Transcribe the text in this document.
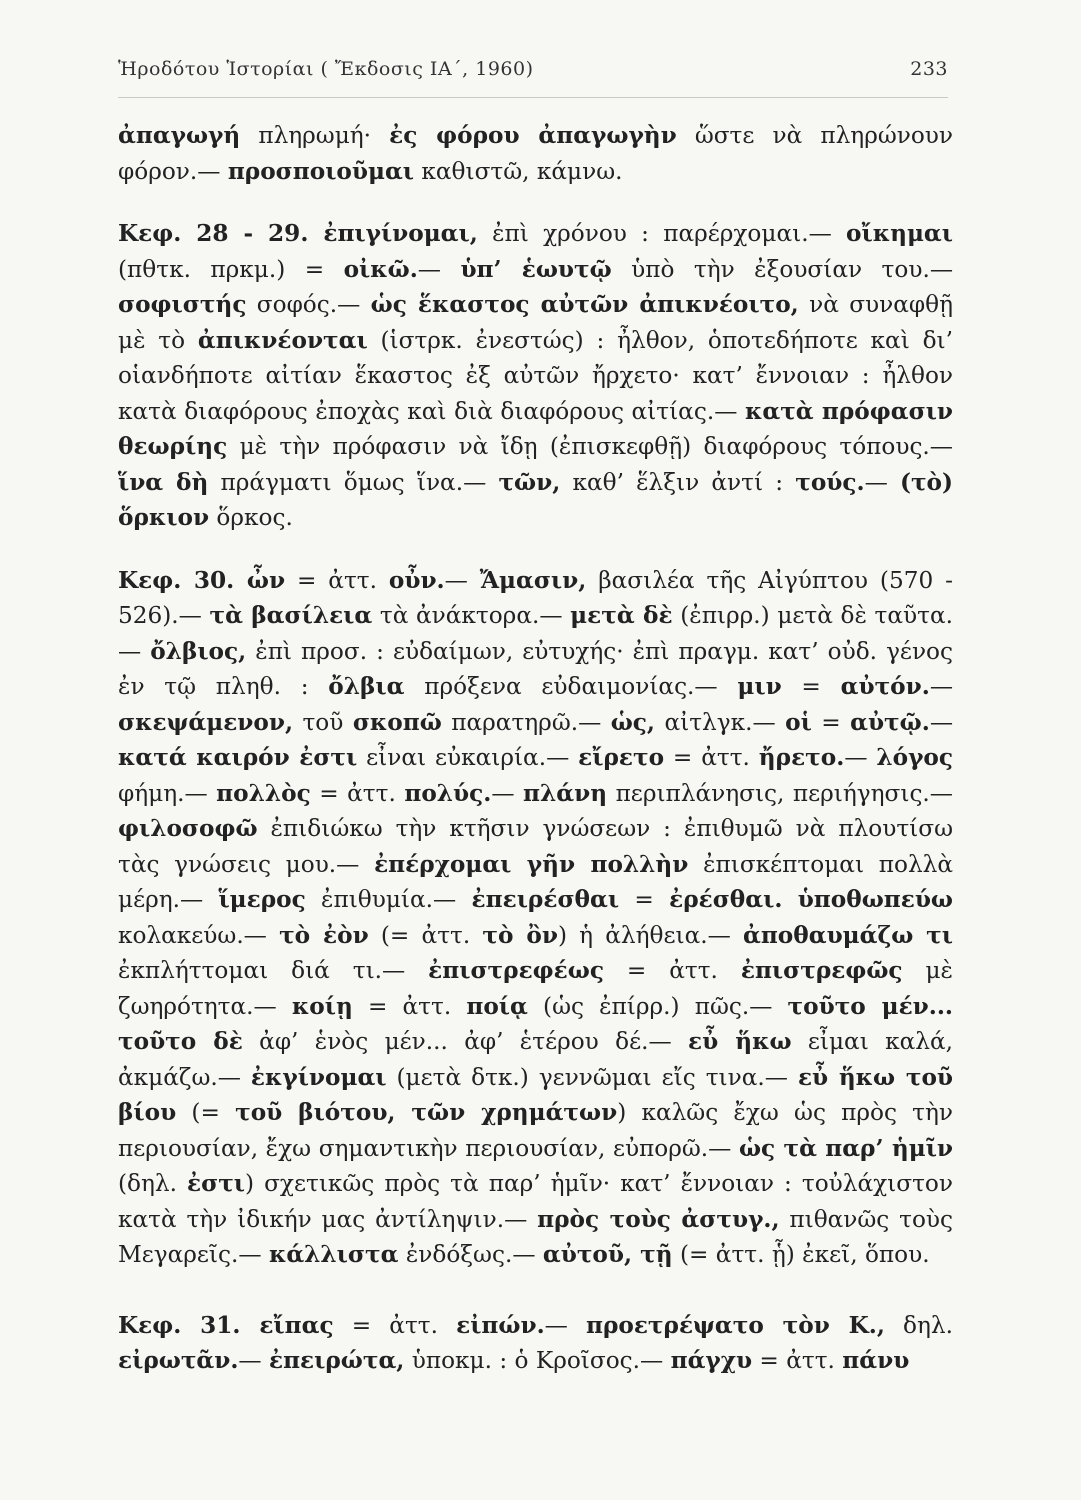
Ἡροδότου Ἱστορίαι ( Ἔκδοσις ΙΑ΄, 1960)	233

ἀπαγωγή πληρωμή· ἐς φόρου ἀπαγωγὴν ὥστε νὰ πληρώνουν φόρον.— προσποιοῦμαι καθιστῶ, κάμνω.

Κεφ. 28 - 29. ἐπιγίνομαι, ἐπὶ χρόνου : παρέρχομαι.— οἴκημαι (πθτκ. πρκμ.) = οἰκῶ.— ὑπ’ ἑωυτῷ ὑπὸ τὴν ἐξουσίαν του.—σοφιστής σοφός.— ὡς ἕκαστος αὐτῶν ἀπικνέοιτο, νὰ συναφθῇ μὲ τὸ ἀπικνέονται (ἱστρκ. ἐνεστώς) : ἦλθον, ὁποτεδήποτε καὶ δι’ οἱανδήποτε αἰτίαν ἕκαστος ἐξ αὐτῶν ἤρχετο· κατ’ ἔννοιαν : ἦλθον κατὰ διαφόρους ἐποχὰς καὶ διὰ διαφόρους αἰτίας.— κατὰ πρόφασιν θεωρίης μὲ τὴν πρόφασιν νὰ ἴδῃ (ἐπισκεφθῇ) διαφόρους τόπους.— ἵνα δὴ πράγματι ὅμως ἵνα.— τῶν, καθ’ ἕλξιν ἀντί : τούς.— (τὸ) ὅρκιον ὅρκος.

Κεφ. 30. ὦν = ἀττ. οὖν.— Ἄμασιν, βασιλέα τῆς Αἰγύπτου (570 - 526).— τὰ βασίλεια τὰ ἀνάκτορα.— μετὰ δὲ (ἐπιρρ.) μετὰ δὲ ταῦτα.— ὄλβιος, ἐπὶ προσ. : εὐδαίμων, εὐτυχής· ἐπὶ πραγμ. κατ’ οὐδ. γένος ἐν τῷ πληθ. : ὄλβια πρόξενα εὐδαιμονίας.— μιν = αὐτόν.— σκεψάμενον, τοῦ σκοπῶ παρατηρῶ.— ὡς, αἰτλγκ.— οἱ = αὐτῷ.— κατά καιρόν ἐστι εἶναι εὐκαιρία.— εἴρετο = ἀττ. ἤρετο.— λόγος φήμη.— πολλὸς = ἀττ. πολύς.— πλάνη περιπλάνησις, περιήγησις.— φιλοσοφῶ ἐπιδιώκω τὴν κτῆσιν γνώσεων : ἐπιθυμῶ νὰ πλουτίσω τὰς γνώσεις μου.— ἐπέρχομαι γῆν πολλὴν ἐπισκέπτομαι πολλὰ μέρη.— ἵμερος ἐπιθυμία.— ἐπειρέσθαι = ἐρέσθαι. ὑποθωπεύω κολακεύω.— τὸ ἐὸν (= ἀττ. τὸ ὂν) ἡ ἀλήθεια.— ἀποθαυμάζω τι ἐκπλήττομαι διά τι.— ἐπιστρεφέως = ἀττ. ἐπιστρεφῶς μὲ ζωηρότητα.— κοίῃ = ἀττ. ποίᾳ (ὡς ἐπίρρ.) πῶς.— τοῦτο μέν... τοῦτο δὲ ἀφ’ ἑνὸς μέν... ἀφ’ ἑτέρου δέ.— εὖ ἥκω εἶμαι καλά, ἀκμάζω.— ἐκγίνομαι (μετὰ δτκ.) γεννῶμαι εἴς τινα.— εὖ ἥκω τοῦ βίου (= τοῦ βιότου, τῶν χρημάτων) καλῶς ἔχω ὡς πρὸς τὴν περιουσίαν, ἔχω σημαντικὴν περιουσίαν, εὐπορῶ.— ὡς τὰ παρ’ ἡμῖν (δηλ. ἐστι) σχετικῶς πρὸς τὰ παρ’ ἡμῖν· κατ’ ἔννοιαν : τοὐλάχιστον κατὰ τὴν ἰδικήν μας ἀντίληψιν.— πρὸς τοὺς ἀστυγ., πιθανῶς τοὺς Μεγαρεῖς.— κάλλιστα ἐνδόξως.— αὐτοῦ, τῇ (= ἀττ. ᾗ) ἐκεῖ, ὅπου.

Κεφ. 31. εἴπας = ἀττ. εἰπών.— προετρέψατο τὸν Κ., δηλ. εἰρωτᾶν.— ἐπειρώτα, ὑποκμ. : ὁ Κροῖσος.— πάγχυ = ἀττ. πάνυ
